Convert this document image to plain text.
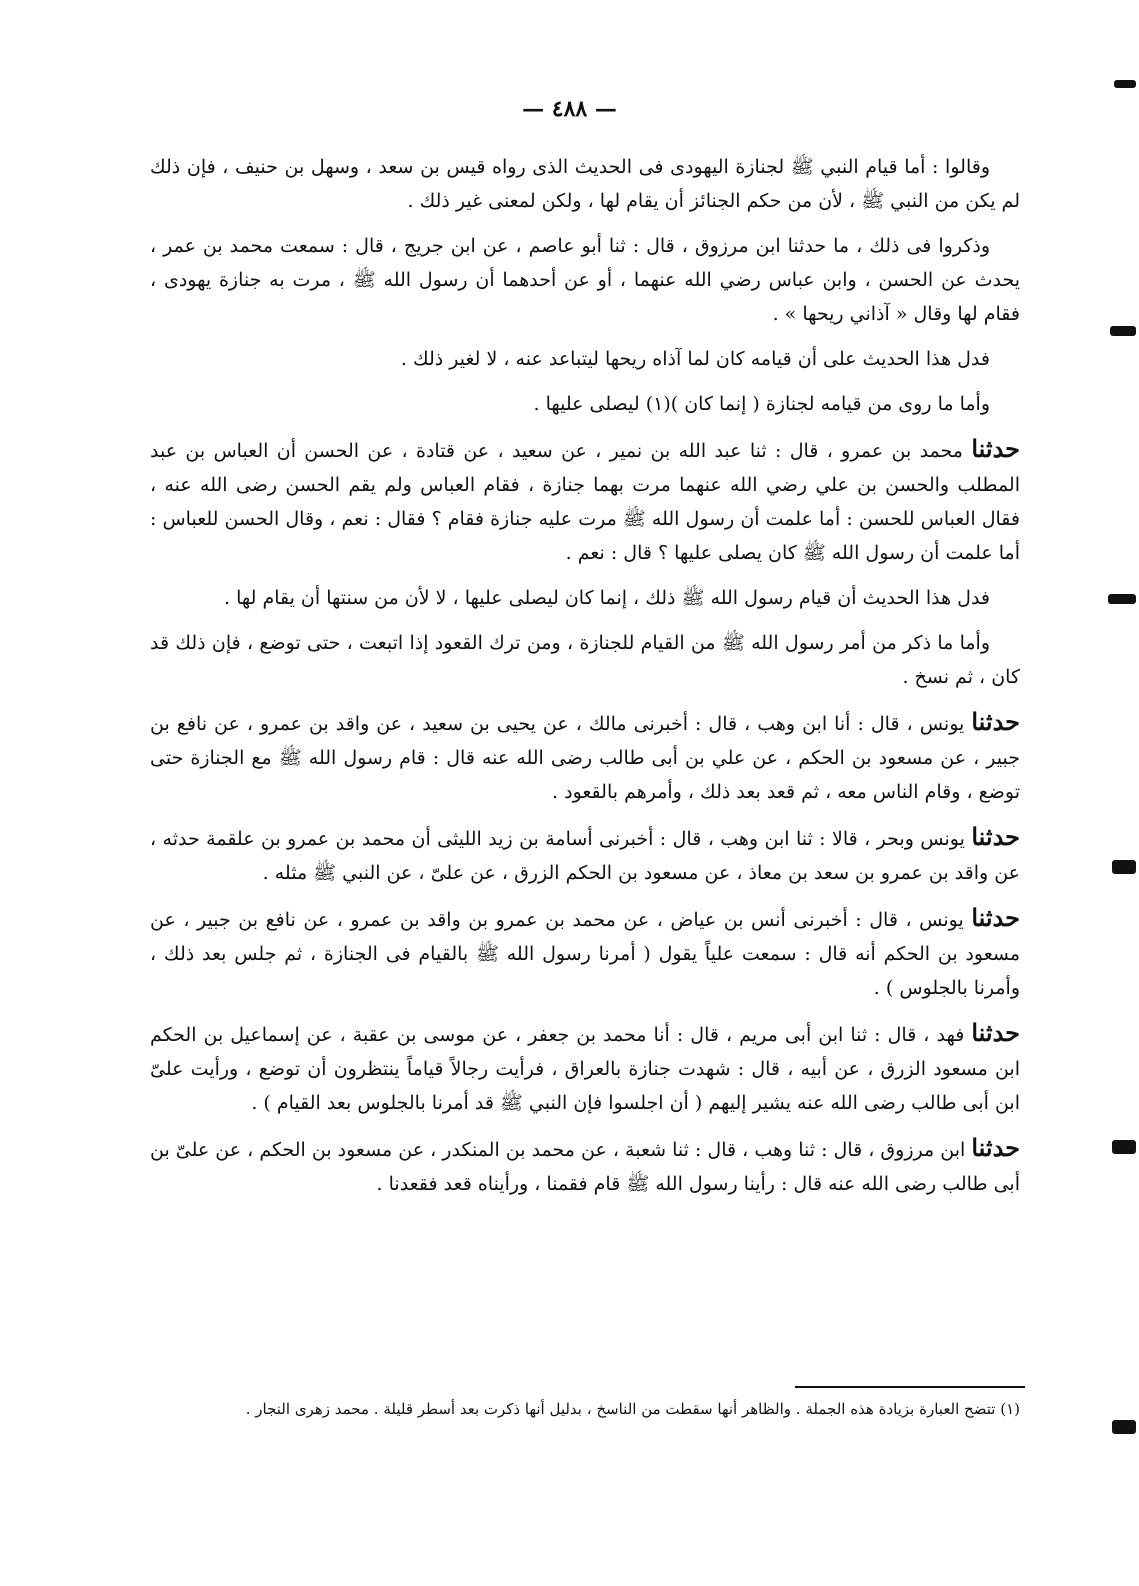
— ٤٨٨ —

وقالوا : أما قيام النبي ﷺ لجنازة اليهودى فى الحديث الذى رواه قيس بن سعد ، وسهل بن حنيف ، فإن ذلك لم يكن من النبي ﷺ ، لأن من حكم الجنائز أن يقام لها ، ولكن لمعنى غير ذلك .

وذكروا فى ذلك ، ما حدثنا ابن مرزوق ، قال : ثنا أبو عاصم ، عن ابن جريج ، قال : سمعت محمد بن عمر ، يحدث عن الحسن ، وابن عباس رضي الله عنهما ، أو عن أحدهما أن رسول الله ﷺ ، مرت به جنازة يهودى ، فقام لها وقال « آذاني ريحها » .

فدل هذا الحديث على أن قيامه كان لما آذاه ريحها ليتباعد عنه ، لا لغير ذلك .

وأما ما روى من قيامه لجنازة ( إنما كان )(١) ليصلى عليها .

حدثنا محمد بن عمرو ، قال : ثنا عبد الله بن نمير ، عن سعيد ، عن قتادة ، عن الحسن أن العباس بن عبد المطلب والحسن بن علي رضي الله عنهما مرت بهما جنازة ، فقام العباس ولم يقم الحسن رضى الله عنه ، فقال العباس للحسن : أما علمت أن رسول الله ﷺ مرت عليه جنازة فقام ؟ فقال : نعم ، وقال الحسن للعباس : أما علمت أن رسول الله ﷺ كان يصلى عليها ؟ قال : نعم .

فدل هذا الحديث أن قيام رسول الله ﷺ ذلك ، إنما كان ليصلى عليها ، لا لأن من سنتها أن يقام لها .

وأما ما ذكر من أمر رسول الله ﷺ من القيام للجنازة ، ومن ترك القعود إذا اتبعت ، حتى توضع ، فإن ذلك قد كان ، ثم نسخ .

حدثنا يونس ، قال : أنا ابن وهب ، قال : أخبرنى مالك ، عن يحيى بن سعيد ، عن واقد بن عمرو ، عن نافع بن جبير ، عن مسعود بن الحكم ، عن علي بن أبى طالب رضى الله عنه قال : قام رسول الله ﷺ مع الجنازة حتى توضع ، وقام الناس معه ، ثم قعد بعد ذلك ، وأمرهم بالقعود .

حدثنا يونس وبحر ، قالا : ثنا ابن وهب ، قال : أخبرنى أسامة بن زيد الليثى أن محمد بن عمرو بن علقمة حدثه ، عن واقد بن عمرو بن سعد بن معاذ ، عن مسعود بن الحكم الزرق ، عن علىّ ، عن النبي ﷺ مثله .

حدثنا يونس ، قال : أخبرنى أنس بن عياض ، عن محمد بن عمرو بن واقد بن عمرو ، عن نافع بن جبير ، عن مسعود بن الحكم أنه قال : سمعت علياً يقول ( أمرنا رسول الله ﷺ بالقيام فى الجنازة ، ثم جلس بعد ذلك ، وأمرنا بالجلوس ) .

حدثنا فهد ، قال : ثنا ابن أبى مريم ، قال : أنا محمد بن جعفر ، عن موسى بن عقبة ، عن إسماعيل بن الحكم ابن مسعود الزرق ، عن أبيه ، قال : شهدت جنازة بالعراق ، فرأيت رجالاً قياماً ينتظرون أن توضع ، ورأيت علىّ ابن أبى طالب رضى الله عنه يشير إليهم ( أن اجلسوا فإن النبي ﷺ قد أمرنا بالجلوس بعد القيام ) .

حدثنا ابن مرزوق ، قال : ثنا وهب ، قال : ثنا شعبة ، عن محمد بن المنكدر ، عن مسعود بن الحكم ، عن علىّ بن أبى طالب رضى الله عنه قال : رأينا رسول الله ﷺ قام فقمنا ، ورأيناه قعد فقعدنا .

(١) تتضح العبارة بزيادة هذه الجملة . والظاهر أنها سقطت من الناسخ ، بدليل أنها ذكرت بعد أسطر قليلة . محمد زهرى النجار .
